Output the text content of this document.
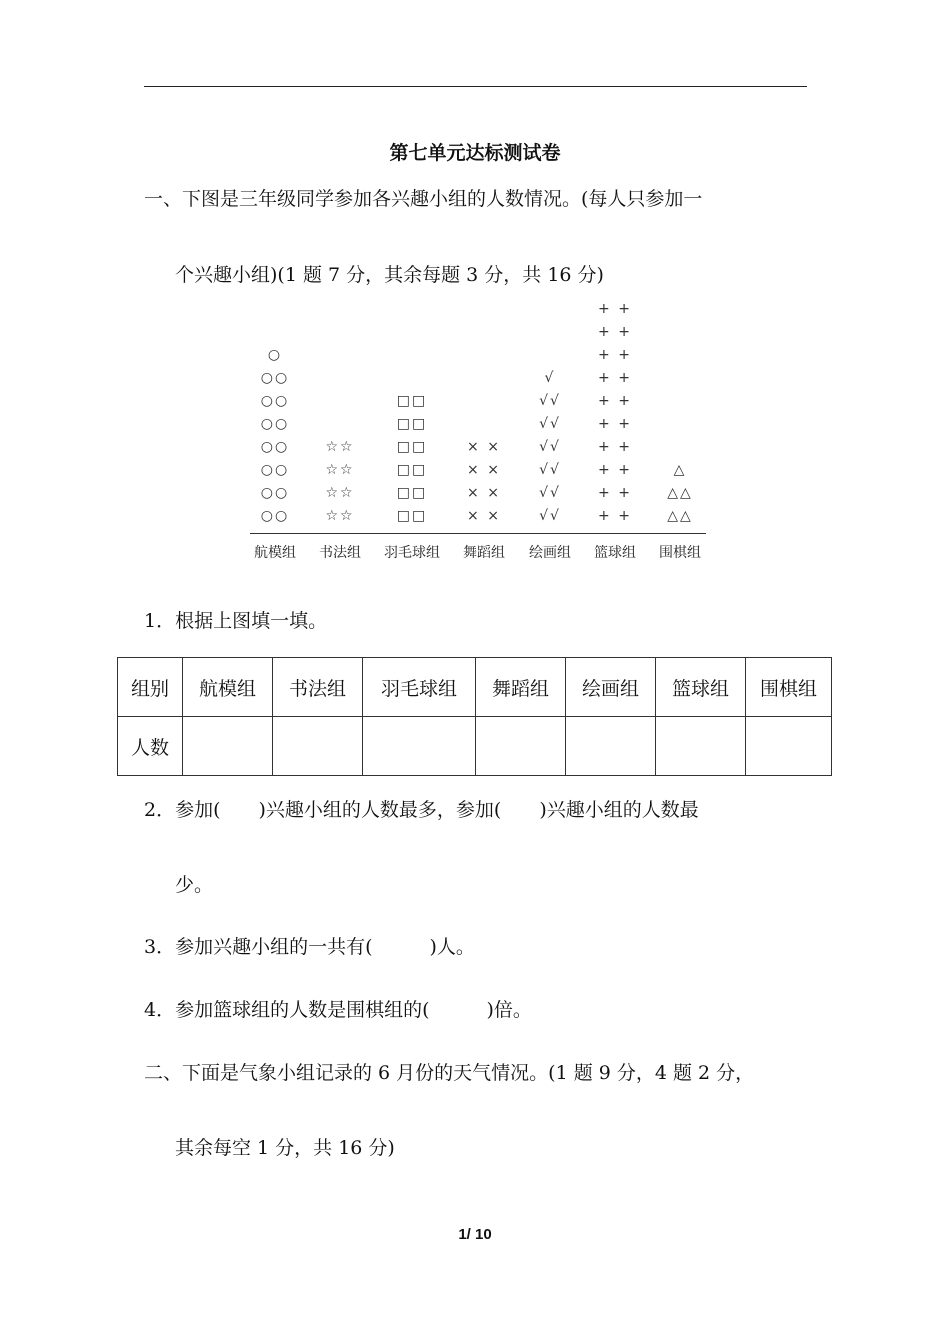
第七单元达标测试卷
一、下图是三年级同学参加各兴趣小组的人数情况。(每人只参加一
个兴趣小组)(1 题 7 分，其余每题 3 分，共 16 分)
○○
○○
○○
○○
○○
○○
○○
○
☆☆
☆☆
☆☆
☆☆
□□
□□
□□
□□
□□
□□
× ×
× ×
× ×
× ×
√√
√√
√√
√√
√√
√√
√
+ +
+ +
+ +
+ +
+ +
+ +
+ +
+ +
+ +
+ +
△△
△△
△
航模组	书法组	羽毛球组	舞蹈组	绘画组	篮球组	围棋组
1．根据上图填一填。
组别	航模组	书法组	羽毛球组	舞蹈组	绘画组	篮球组	围棋组
人数							
2．参加(　　)兴趣小组的人数最多，参加(　　)兴趣小组的人数最
少。
3．参加兴趣小组的一共有(　　　)人。
4．参加篮球组的人数是围棋组的(　　　)倍。
二、下面是气象小组记录的 6 月份的天气情况。(1 题 9 分，4 题 2 分，
其余每空 1 分，共 16 分)
1/ 10
